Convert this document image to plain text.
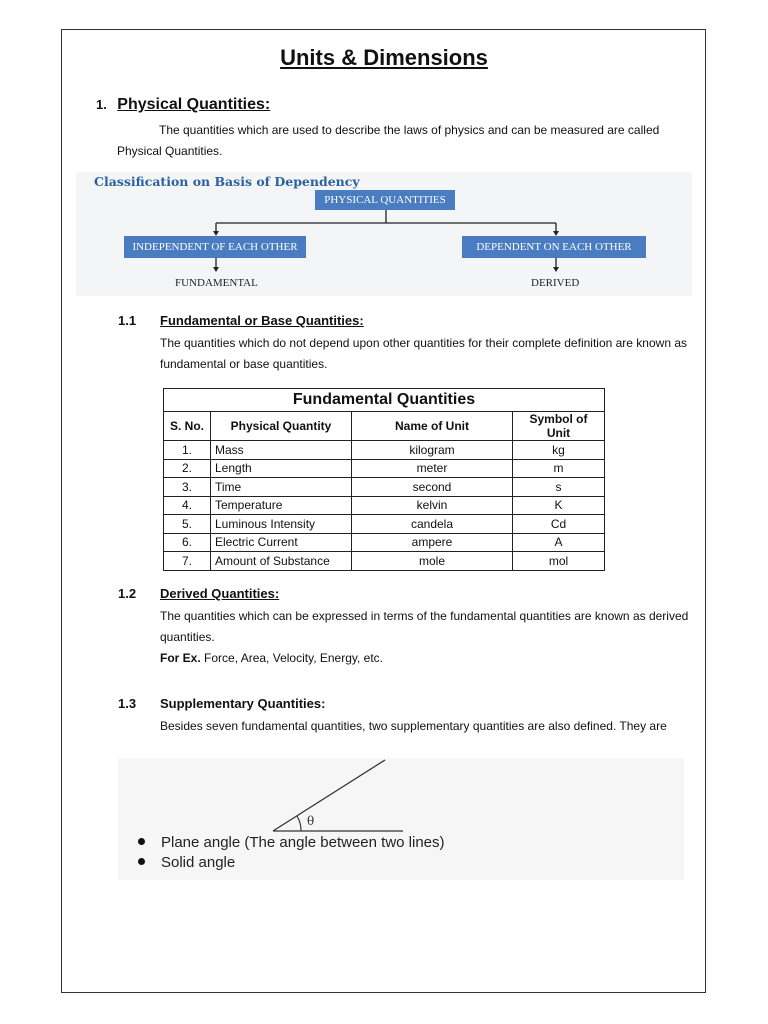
Units & Dimensions
1. Physical Quantities:
The quantities which are used to describe the laws of physics and can be measured are called Physical Quantities.
Classification on Basis of Dependency
PHYSICAL QUANTITIES
INDEPENDENT OF EACH OTHER	DEPENDENT ON EACH OTHER
FUNDAMENTAL	DERIVED
1.1 Fundamental or Base Quantities:
The quantities which do not depend upon other quantities for their complete definition are known as fundamental or base quantities.
Fundamental Quantities			
S. No.	Physical Quantity	Name of Unit	Symbol of Unit
1.	Mass	kilogram	kg
2.	Length	meter	m
3.	Time	second	s
4.	Temperature	kelvin	K
5.	Luminous Intensity	candela	Cd
6.	Electric Current	ampere	A
7.	Amount of Substance	mole	mol
1.2 Derived Quantities:
The quantities which can be expressed in terms of the fundamental quantities are known as derived quantities.
For Ex. Force, Area, Velocity, Energy, etc.
1.3 Supplementary Quantities:
Besides seven fundamental quantities, two supplementary quantities are also defined. They are
θ
Plane angle (The angle between two lines)
Solid angle
